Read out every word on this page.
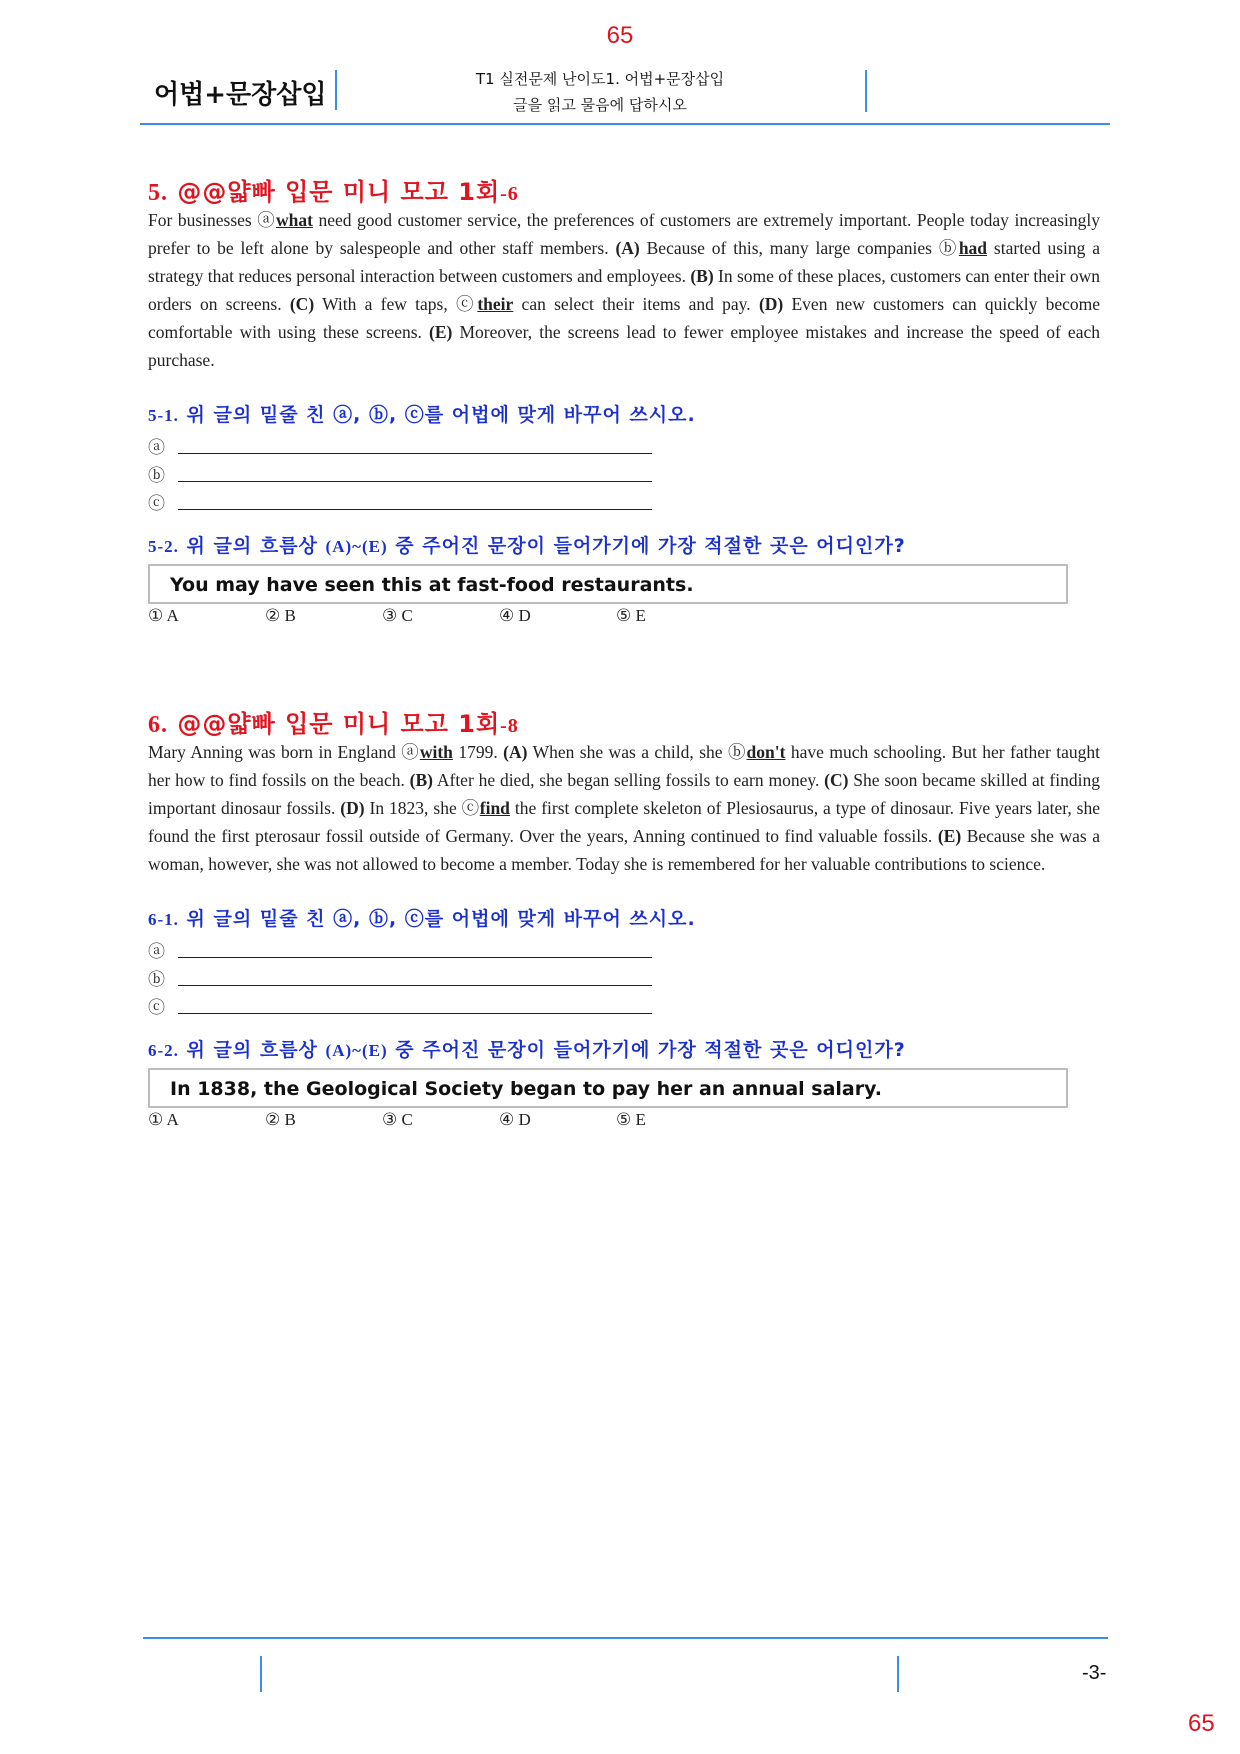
65
어법+문장삽입
T1 실전문제 난이도1. 어법+문장삽입
글을 읽고 물음에 답하시오
5. @@얇빠 입문 미니 모고 1회-6

For businesses ⓐwhat need good customer service, the preferences of customers are extremely important. People today increasingly prefer to be left alone by salespeople and other staff members. (A) Because of this, many large companies ⓑhad started using a strategy that reduces personal interaction between customers and employees. (B) In some of these places, customers can enter their own orders on screens. (C) With a few taps, ⓒtheir can select their items and pay. (D) Even new customers can quickly become comfortable with using these screens. (E) Moreover, the screens lead to fewer employee mistakes and increase the speed of each purchase.

5-1. 위 글의 밑줄 친 ⓐ, ⓑ, ⓒ를 어법에 맞게 바꾸어 쓰시오.
ⓐ
ⓑ
ⓒ
5-2. 위 글의 흐름상 (A)~(E) 중 주어진 문장이 들어가기에 가장 적절한 곳은 어디인가?
You may have seen this at fast-food restaurants.
① A	② B	③ C	④ D	⑤ E
6. @@얇빠 입문 미니 모고 1회-8

Mary Anning was born in England ⓐwith 1799. (A) When she was a child, she ⓑdon't have much schooling. But her father taught her how to find fossils on the beach. (B) After he died, she began selling fossils to earn money. (C) She soon became skilled at finding important dinosaur fossils. (D) In 1823, she ⓒfind the first complete skeleton of Plesiosaurus, a type of dinosaur. Five years later, she found the first pterosaur fossil outside of Germany. Over the years, Anning continued to find valuable fossils. (E) Because she was a woman, however, she was not allowed to become a member. Today she is remembered for her valuable contributions to science.

6-1. 위 글의 밑줄 친 ⓐ, ⓑ, ⓒ를 어법에 맞게 바꾸어 쓰시오.
ⓐ
ⓑ
ⓒ
6-2. 위 글의 흐름상 (A)~(E) 중 주어진 문장이 들어가기에 가장 적절한 곳은 어디인가?
In 1838, the Geological Society began to pay her an annual salary.
① A	② B	③ C	④ D	⑤ E
-3-
65
